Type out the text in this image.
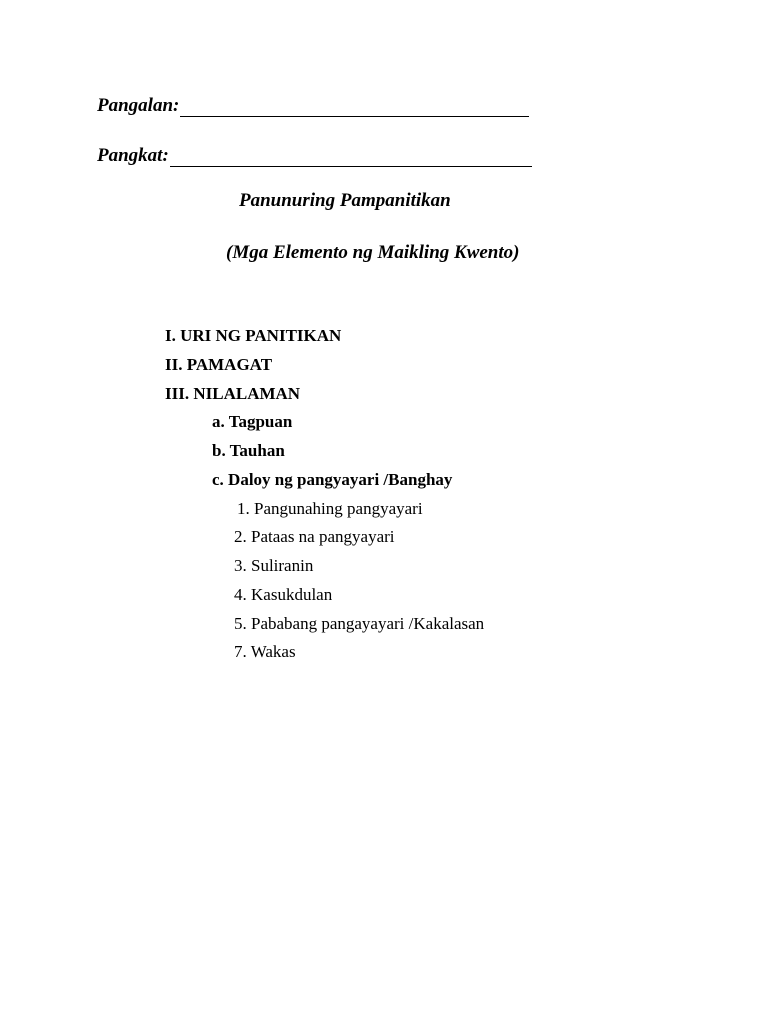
Pangalan:
Pangkat:
Panunuring Pampanitikan
(Mga Elemento ng Maikling Kwento)
I. URI NG PANITIKAN
II. PAMAGAT
III. NILALAMAN
a. Tagpuan
b. Tauhan
c. Daloy ng pangyayari /Banghay
1. Pangunahing pangyayari
2. Pataas na pangyayari
3. Suliranin
4. Kasukdulan
5. Pababang pangayayari /Kakalasan
7. Wakas
